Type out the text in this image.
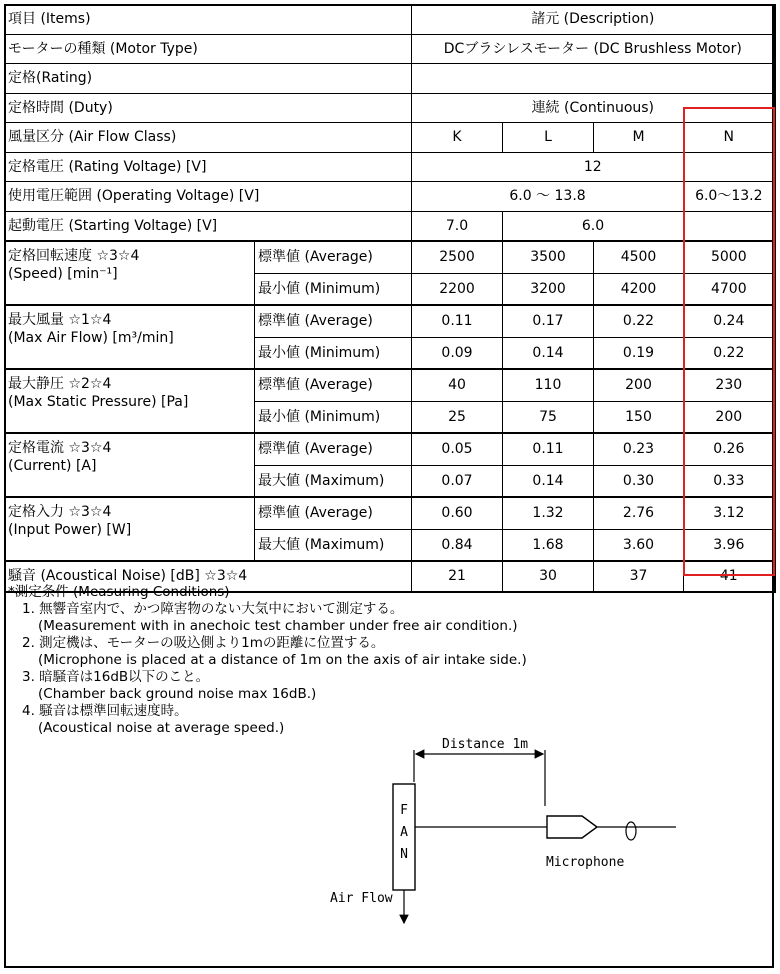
項目 (Items)		諸元 (Description)			
モーターの種類 (Motor Type)		DCブラシレスモーター (DC Brushless Motor)			
定格(Rating)					
定格時間 (Duty)		連続 (Continuous)			
風量区分 (Air Flow Class)		K	L	M	N
定格電圧 (Rating Voltage) [V]		12			
使用電圧範囲 (Operating Voltage) [V]		6.0 ～ 13.8			6.0～13.2
起動電圧 (Starting Voltage) [V]		7.0	6.0		
定格回転速度 ☆3☆4
(Speed) [min⁻¹]	標準値 (Average)	2500	3500	4500	5000
	最小値 (Minimum)	2200	3200	4200	4700
最大風量 ☆1☆4
(Max Air Flow) [m³/min]	標準値 (Average)	0.11	0.17	0.22	0.24
	最小値 (Minimum)	0.09	0.14	0.19	0.22
最大静圧 ☆2☆4
(Max Static Pressure) [Pa]	標準値 (Average)	40	110	200	230
	最小値 (Minimum)	25	75	150	200
定格電流 ☆3☆4
(Current) [A]	標準値 (Average)	0.05	0.11	0.23	0.26
	最大値 (Maximum)	0.07	0.14	0.30	0.33
定格入力 ☆3☆4
(Input Power) [W]	標準値 (Average)	0.60	1.32	2.76	3.12
	最大値 (Maximum)	0.84	1.68	3.60	3.96
騒音 (Acoustical Noise) [dB] ☆3☆4		21	30	37	41
*測定条件 (Measuring Conditions)
1. 無響音室内で、かつ障害物のない大気中において測定する。
(Measurement with in anechoic test chamber under free air condition.)
2. 測定機は、モーターの吸込側より1mの距離に位置する。
(Microphone is placed at a distance of 1m on the axis of air intake side.)
3. 暗騒音は16dB以下のこと。
(Chamber back ground noise max 16dB.)
4. 騒音は標準回転速度時。
(Acoustical noise at average speed.)
Distance 1m
F
A
N
Microphone
Air Flow
